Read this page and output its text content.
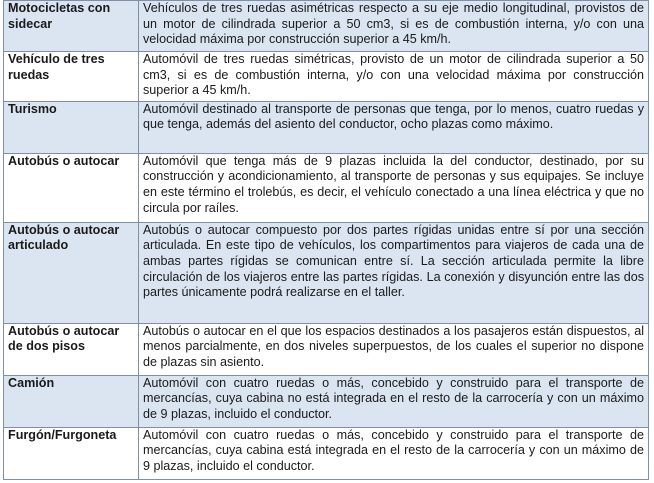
Motocicletas con sidecar	Vehículos de tres ruedas asimétricas respecto a su eje medio longitudinal, provistos de un motor de cilindrada superior a 50 cm3, si es de combustión interna, y/o con una velocidad máxima por construcción superior a 45 km/h.
Vehículo de tres ruedas	Automóvil de tres ruedas simétricas, provisto de un motor de cilindrada superior a 50 cm3, si es de combustión interna, y/o con una velocidad máxima por construcción superior a 45 km/h.
Turismo	Automóvil destinado al transporte de personas que tenga, por lo menos, cuatro ruedas y que tenga, además del asiento del conductor, ocho plazas como máximo.
Autobús o autocar	Automóvil que tenga más de 9 plazas incluida la del conductor, destinado, por su construcción y acondicionamiento, al transporte de personas y sus equipajes. Se incluye en este término el trolebús, es decir, el vehículo conectado a una línea eléctrica y que no circula por raíles.
Autobús o autocar articulado	Autobús o autocar compuesto por dos partes rígidas unidas entre sí por una sección articulada. En este tipo de vehículos, los compartimentos para viajeros de cada una de ambas partes rígidas se comunican entre sí. La sección articulada permite la libre circulación de los viajeros entre las partes rígidas. La conexión y disyunción entre las dos partes únicamente podrá realizarse en el taller.
Autobús o autocar de dos pisos	Autobús o autocar en el que los espacios destinados a los pasajeros están dispuestos, al menos parcialmente, en dos niveles superpuestos, de los cuales el superior no dispone de plazas sin asiento.
Camión	Automóvil con cuatro ruedas o más, concebido y construido para el transporte de mercancías, cuya cabina no está integrada en el resto de la carrocería y con un máximo de 9 plazas, incluido el conductor.
Furgón/Furgoneta	Automóvil con cuatro ruedas o más, concebido y construido para el transporte de mercancías, cuya cabina está integrada en el resto de la carrocería y con un máximo de 9 plazas, incluido el conductor.
